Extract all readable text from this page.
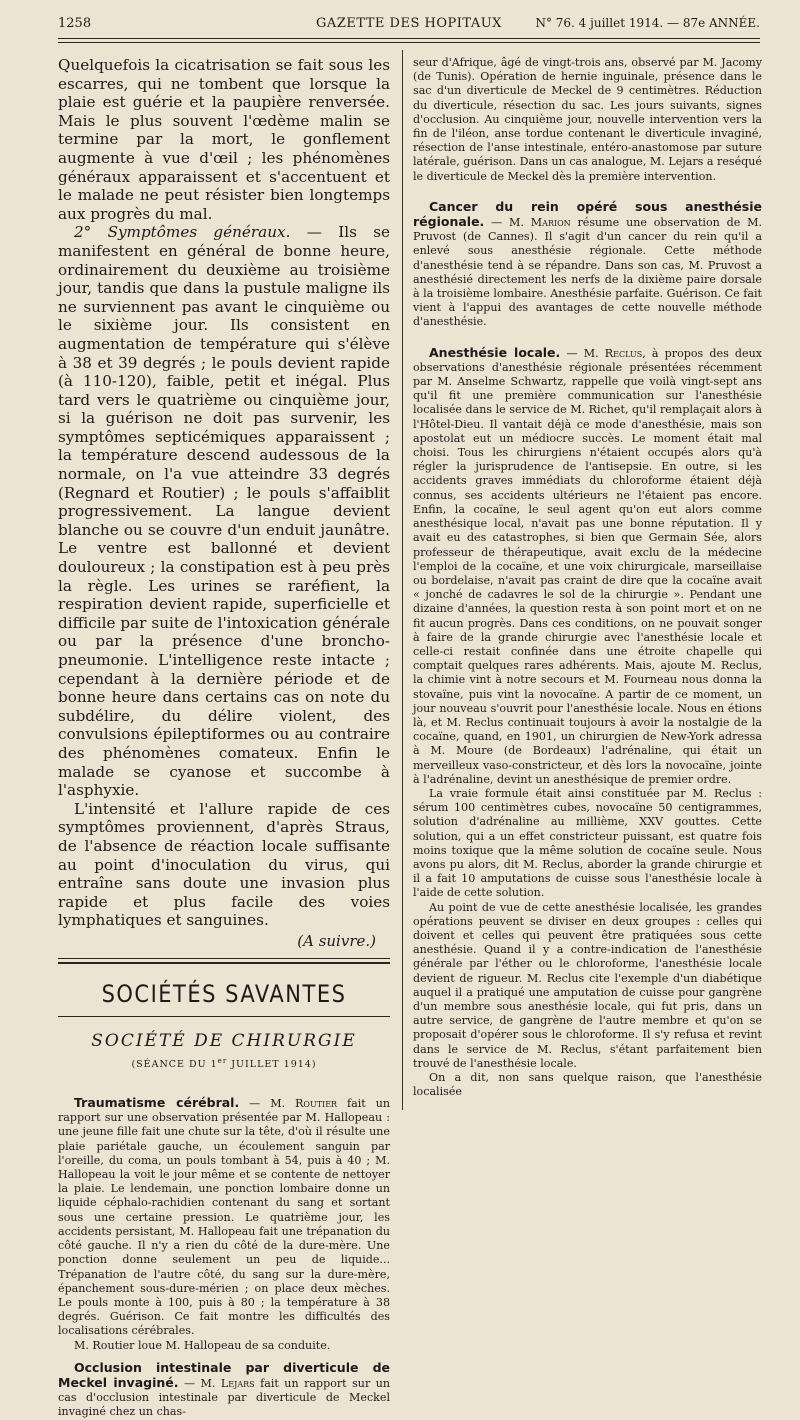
1258	GAZETTE DES HOPITAUX	N° 76. 4 juillet 1914. — 87e ANNÉE.

Quelquefois la cicatrisation se fait sous les escarres, qui ne tombent que lorsque la plaie est guérie et la paupière renversée. Mais le plus souvent l'œdème malin se termine par la mort, le gonflement augmente à vue d'œil ; les phénomènes généraux apparaissent et s'accentuent et le malade ne peut résister bien longtemps aux progrès du mal.

2° Symptômes généraux. — Ils se manifestent en général de bonne heure, ordinairement du deuxième au troisième jour, tandis que dans la pustule maligne ils ne surviennent pas avant le cinquième ou le sixième jour. Ils consistent en augmentation de température qui s'élève à 38 et 39 degrés ; le pouls devient rapide (à 110-120), faible, petit et inégal. Plus tard vers le quatrième ou cinquième jour, si la guérison ne doit pas survenir, les symptômes septicémiques apparaissent ; la température descend audessous de la normale, on l'a vue atteindre 33 degrés (Regnard et Routier) ; le pouls s'affaiblit progressivement. La langue devient blanche ou se couvre d'un enduit jaunâtre. Le ventre est ballonné et devient douloureux ; la constipation est à peu près la règle. Les urines se raréfient, la respiration devient rapide, superficielle et difficile par suite de l'intoxication générale ou par la présence d'une broncho-pneumonie. L'intelligence reste intacte ; cependant à la dernière période et de bonne heure dans certains cas on note du subdélire, du délire violent, des convulsions épileptiformes ou au contraire des phénomènes comateux. Enfin le malade se cyanose et succombe à l'asphyxie.

L'intensité et l'allure rapide de ces symptômes proviennent, d'après Straus, de l'absence de réaction locale suffisante au point d'inoculation du virus, qui entraîne sans doute une invasion plus rapide et plus facile des voies lymphatiques et sanguines.

(A suivre.)
SOCIÉTÉS SAVANTES
SOCIÉTÉ DE CHIRURGIE
(SÉANCE DU 1er JUILLET 1914)

Traumatisme cérébral. — M. Routier fait un rapport sur une observation présentée par M. Hallopeau : une jeune fille fait une chute sur la tête, d'où il résulte une plaie pariétale gauche, un écoulement sanguin par l'oreille, du coma, un pouls tombant à 54, puis à 40 ; M. Hallopeau la voit le jour même et se contente de nettoyer la plaie. Le lendemain, une ponction lombaire donne un liquide céphalo-rachidien contenant du sang et sortant sous une certaine pression. Le quatrième jour, les accidents persistant, M. Hallopeau fait une trépanation du côté gauche. Il n'y a rien du côté de la dure-mère. Une ponction donne seulement un peu de liquide... Trépanation de l'autre côté, du sang sur la dure-mère, épanchement sous-dure-mérien ; on place deux mèches. Le pouls monte à 100, puis à 80 ; la température à 38 degrés. Guérison. Ce fait montre les difficultés des localisations cérébrales.

M. Routier loue M. Hallopeau de sa conduite.

Occlusion intestinale par diverticule de Meckel invaginé. — M. Lejars fait un rapport sur un cas d'occlusion intestinale par diverticule de Meckel invaginé chez un chas-

seur d'Afrique, âgé de vingt-trois ans, observé par M. Jacomy (de Tunis). Opération de hernie inguinale, présence dans le sac d'un diverticule de Meckel de 9 centimètres. Réduction du diverticule, résection du sac. Les jours suivants, signes d'occlusion. Au cinquième jour, nouvelle intervention vers la fin de l'iléon, anse tordue contenant le diverticule invaginé, résection de l'anse intestinale, entéro-anastomose par suture latérale, guérison. Dans un cas analogue, M. Lejars a reséqué le diverticule de Meckel dès la première intervention.

Cancer du rein opéré sous anesthésie régionale. — M. Marion résume une observation de M. Pruvost (de Cannes). Il s'agit d'un cancer du rein qu'il a enlevé sous anesthésie régionale. Cette méthode d'anesthésie tend à se répandre. Dans son cas, M. Pruvost a anesthésié directement les nerfs de la dixième paire dorsale à la troisième lombaire. Anesthésie parfaite. Guérison. Ce fait vient à l'appui des avantages de cette nouvelle méthode d'anesthésie.

Anesthésie locale. — M. Reclus, à propos des deux observations d'anesthésie régionale présentées récemment par M. Anselme Schwartz, rappelle que voilà vingt-sept ans qu'il fit une première communication sur l'anesthésie localisée dans le service de M. Richet, qu'il remplaçait alors à l'Hôtel-Dieu. Il vantait déjà ce mode d'anesthésie, mais son apostolat eut un médiocre succès. Le moment était mal choisi. Tous les chirurgiens n'étaient occupés alors qu'à régler la jurisprudence de l'antisepsie. En outre, si les accidents graves immédiats du chloroforme étaient déjà connus, ses accidents ultérieurs ne l'étaient pas encore. Enfin, la cocaïne, le seul agent qu'on eut alors comme anesthésique local, n'avait pas une bonne réputation. Il y avait eu des catastrophes, si bien que Germain Sée, alors professeur de thérapeutique, avait exclu de la médecine l'emploi de la cocaïne, et une voix chirurgicale, marseillaise ou bordelaise, n'avait pas craint de dire que la cocaïne avait « jonché de cadavres le sol de la chirurgie ». Pendant une dizaine d'années, la question resta à son point mort et on ne fit aucun progrès. Dans ces conditions, on ne pouvait songer à faire de la grande chirurgie avec l'anesthésie locale et celle-ci restait confinée dans une étroite chapelle qui comptait quelques rares adhérents. Mais, ajoute M. Reclus, la chimie vint à notre secours et M. Fourneau nous donna la stovaïne, puis vint la novocaïne. A partir de ce moment, un jour nouveau s'ouvrit pour l'anesthésie locale. Nous en étions là, et M. Reclus continuait toujours à avoir la nostalgie de la cocaïne, quand, en 1901, un chirurgien de New-York adressa à M. Moure (de Bordeaux) l'adrénaline, qui était un merveilleux vaso-constricteur, et dès lors la novocaïne, jointe à l'adrénaline, devint un anesthésique de premier ordre.

La vraie formule était ainsi constituée par M. Reclus : sérum 100 centimètres cubes, novocaïne 50 centigrammes, solution d'adrénaline au millième, XXV gouttes. Cette solution, qui a un effet constricteur puissant, est quatre fois moins toxique que la même solution de cocaïne seule. Nous avons pu alors, dit M. Reclus, aborder la grande chirurgie et il a fait 10 amputations de cuisse sous l'anesthésie locale à l'aide de cette solution.

Au point de vue de cette anesthésie localisée, les grandes opérations peuvent se diviser en deux groupes : celles qui doivent et celles qui peuvent être pratiquées sous cette anesthésie. Quand il y a contre-indication de l'anesthésie générale par l'éther ou le chloroforme, l'anesthésie locale devient de rigueur. M. Reclus cite l'exemple d'un diabétique auquel il a pratiqué une amputation de cuisse pour gangrène d'un membre sous anesthésie locale, qui fut pris, dans un autre service, de gangrène de l'autre membre et qu'on se proposait d'opérer sous le chloroforme. Il s'y refusa et revint dans le service de M. Reclus, s'étant parfaitement bien trouvé de l'anesthésie locale.

On a dit, non sans quelque raison, que l'anesthésie localisée
